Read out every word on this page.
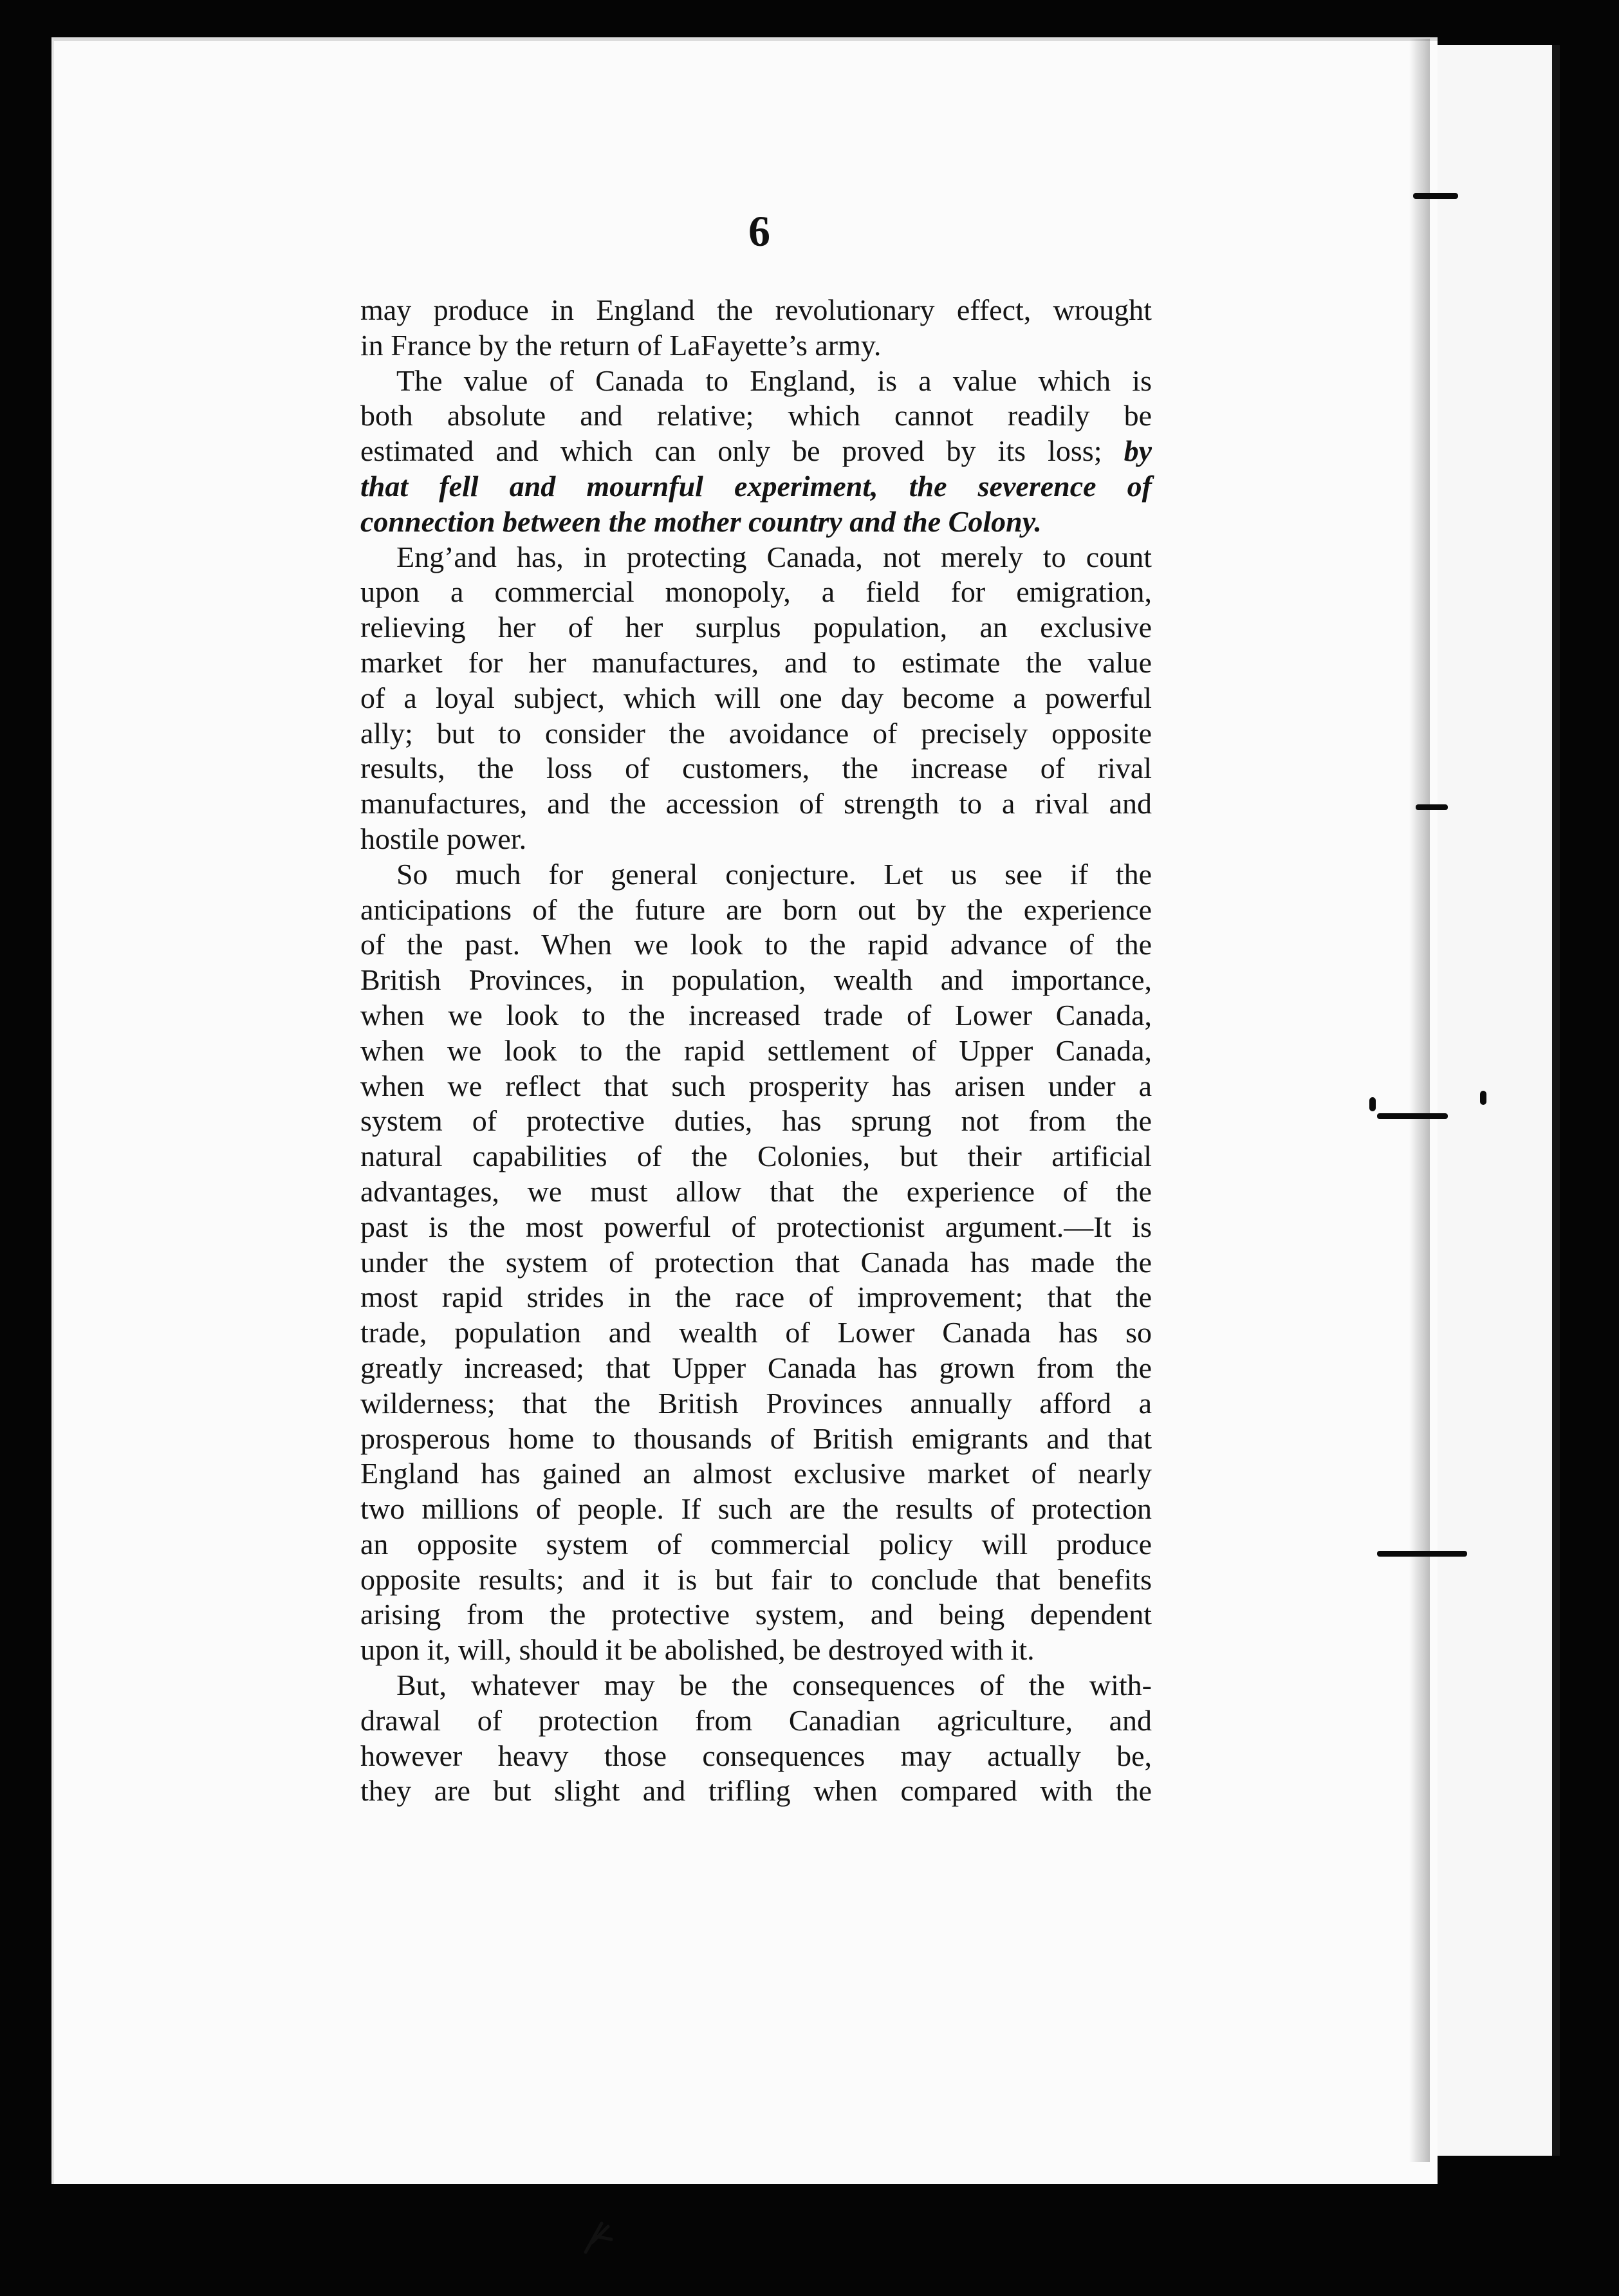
6
may produce in England the revolutionary effect, wrought
in France by the return of LaFayette’s army.
The value of Canada to England, is a value which is
both absolute and relative; which cannot readily be
estimated and which can only be proved by its loss; by
that fell and mournful experiment, the severence of
connection between the mother country and the Colony.
Eng’and has, in protecting Canada, not merely to count
upon a commercial monopoly, a field for emigration,
relieving her of her surplus population, an exclusive
market for her manufactures, and to estimate the value
of a loyal subject, which will one day become a powerful
ally; but to consider the avoidance of precisely opposite
results, the loss of customers, the increase of rival
manufactures, and the accession of strength to a rival and
hostile power.
So much for general conjecture. Let us see if the
anticipations of the future are born out by the experience
of the past. When we look to the rapid advance of the
British Provinces, in population, wealth and importance,
when we look to the increased trade of Lower Canada,
when we look to the rapid settlement of Upper Canada,
when we reflect that such prosperity has arisen under a
system of protective duties, has sprung not from the
natural capabilities of the Colonies, but their artificial
advantages, we must allow that the experience of the
past is the most powerful of protectionist argument.—It is
under the system of protection that Canada has made the
most rapid strides in the race of improvement; that the
trade, population and wealth of Lower Canada has so
greatly increased; that Upper Canada has grown from the
wilderness; that the British Provinces annually afford a
prosperous home to thousands of British emigrants and that
England has gained an almost exclusive market of nearly
two millions of people. If such are the results of protection
an opposite system of commercial policy will produce
opposite results; and it is but fair to conclude that benefits
arising from the protective system, and being dependent
upon it, will, should it be abolished, be destroyed with it.
But, whatever may be the consequences of the with-
drawal of protection from Canadian agriculture, and
however heavy those consequences may actually be,
they are but slight and trifling when compared with the
